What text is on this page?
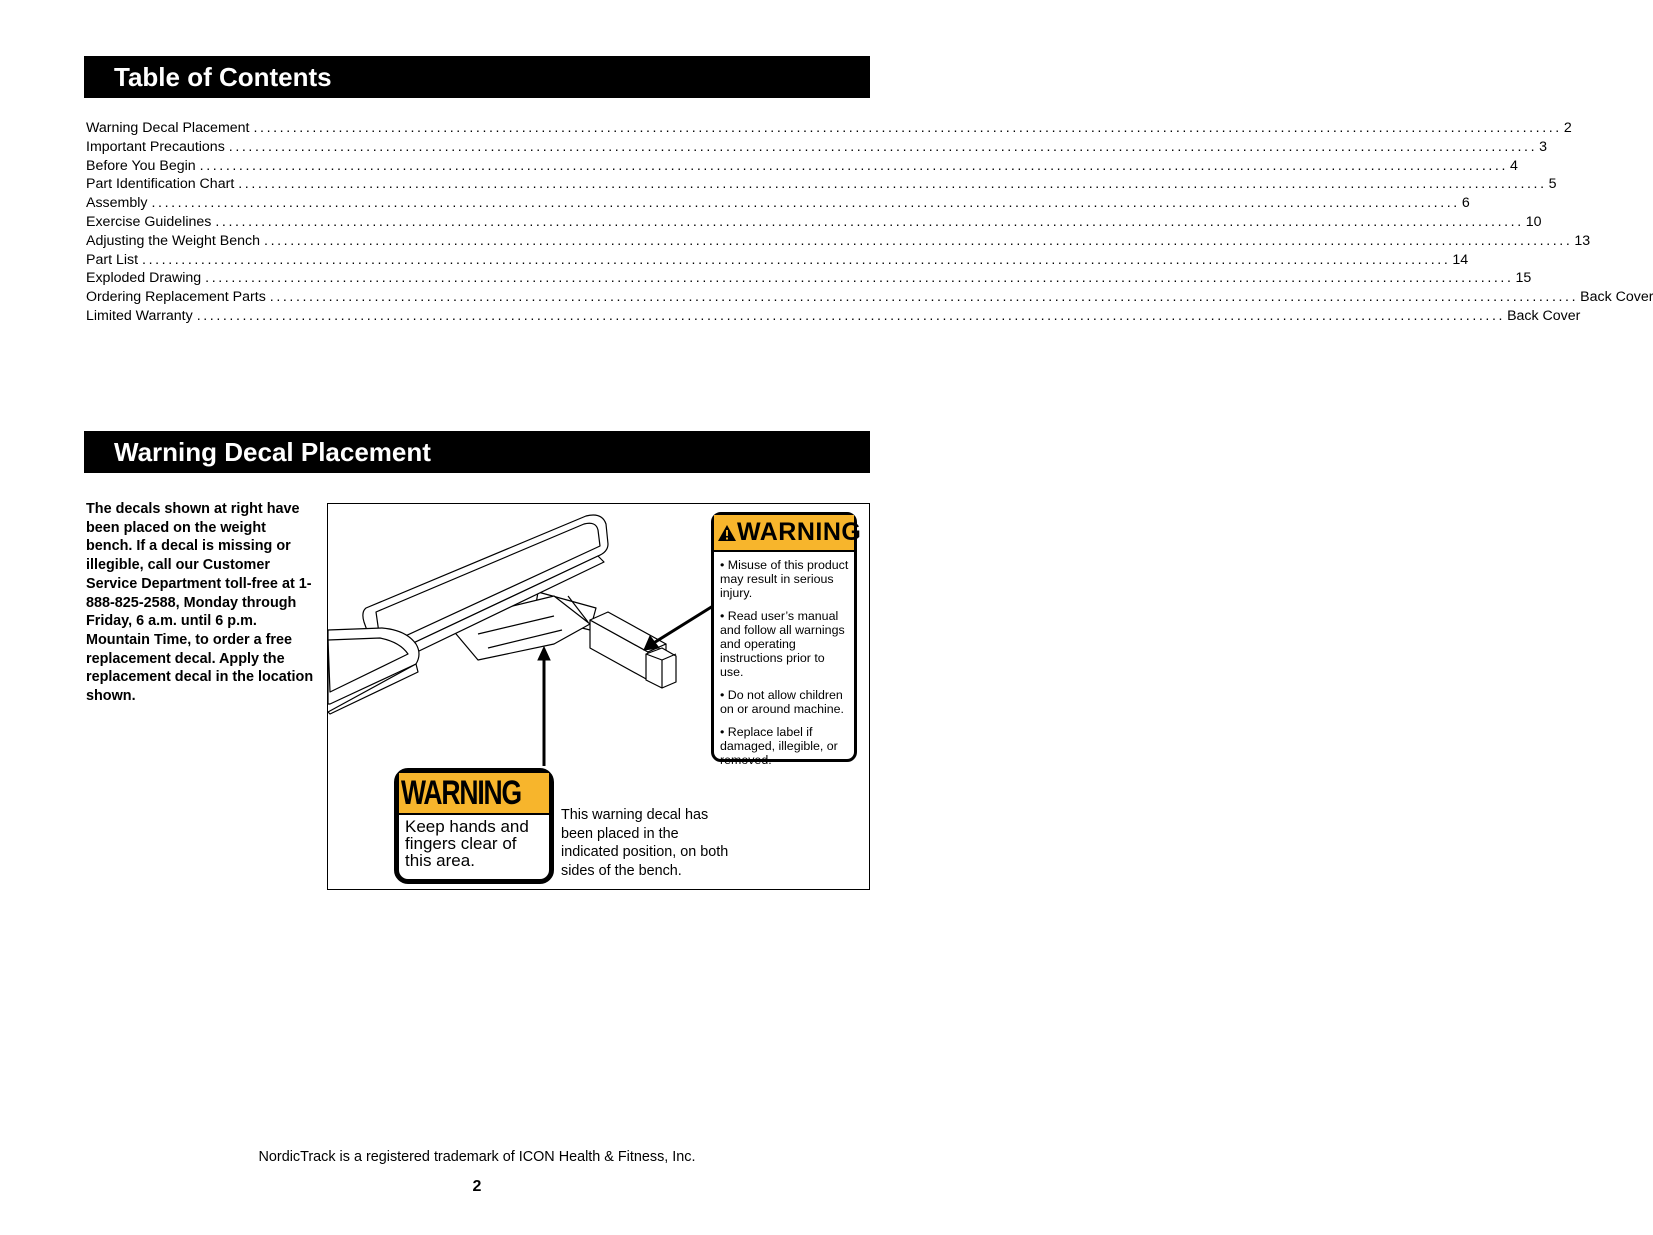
Table of Contents
Warning Decal Placement ........................................................................................................................................................................................................ 2
Important Precautions ........................................................................................................................................................................................................ 3
Before You Begin ........................................................................................................................................................................................................ 4
Part Identification Chart ........................................................................................................................................................................................................ 5
Assembly ........................................................................................................................................................................................................ 6
Exercise Guidelines ........................................................................................................................................................................................................ 10
Adjusting the Weight Bench ........................................................................................................................................................................................................ 13
Part List ........................................................................................................................................................................................................ 14
Exploded Drawing ........................................................................................................................................................................................................ 15
Ordering Replacement Parts ........................................................................................................................................................................................................ Back Cover
Limited Warranty ........................................................................................................................................................................................................ Back Cover
Warning Decal Placement
The decals shown at right have been placed on the weight bench. If a decal is missing or illegible, call our Customer Service Department toll-free at 1-888-825-2588, Monday through Friday, 6 a.m. until 6 p.m. Mountain Time, to order a free replacement decal. Apply the replacement decal in the location shown.
WARNING
• Misuse of this product may result in serious injury.
• Read user’s manual and follow all warnings and operating instructions prior to use.
• Do not allow children on or around machine.
• Replace label if damaged, illegible, or removed.
WARNING
Keep hands and fingers clear of this area.
This warning decal has been placed in the indicated position, on both sides of the bench.
NordicTrack is a registered trademark of ICON Health & Fitness, Inc.
2
